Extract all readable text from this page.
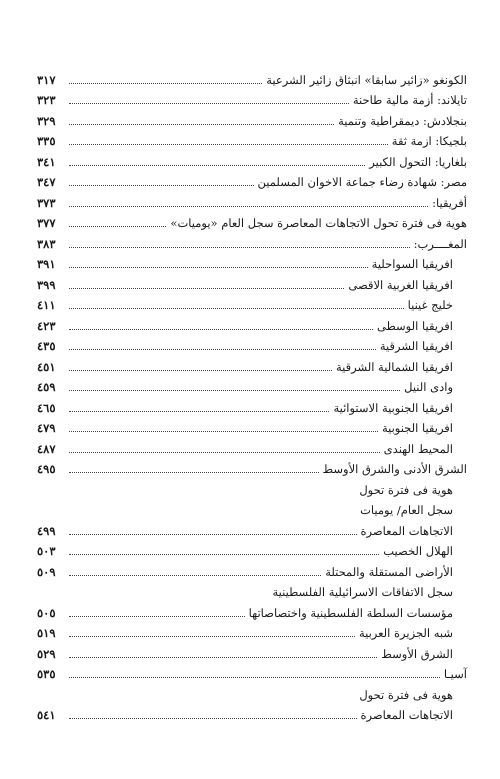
الكونغو «زائير سابقا» انبثاق زائير الشرعية
٣١٧
تايلاند: أزمة مالية طاحنة
٣٢٣
بنجلادش: ديمقراطية وتنمية
٣٢٩
بلجيكا: ازمة ثقة
٣٣٥
بلغاريا: التحول الكبير
٣٤١
مصر: شهادة رضاء جماعة الاخوان المسلمين
٣٤٧
أفريقيا:
٣٧٣
هوية فى فترة تحول الاتجاهات المعاصرة سجل العام «يوميات»
٣٧٧
المغــــرب:
٣٨٣
افريقيا السواحلية
٣٩١
افريقيا الغربية الاقصى
٣٩٩
خليج غينيا
٤١١
افريقيا الوسطى
٤٢٣
افريقيا الشرقية
٤٣٥
افريقيا الشمالية الشرقية
٤٥١
وادى النيل
٤٥٩
افريقيا الجنوبية الاستوائية
٤٦٥
افريقيا الجنوبية
٤٧٩
المحيط الهندى
٤٨٧
الشرق الأدنى والشرق الأوسط
٤٩٥
هوية فى فترة تحول
سجل العام/ يوميات
الاتجاهات المعاصرة
٤٩٩
الهلال الخصيب
٥٠٣
الأراضى المستقلة والمحتلة
٥٠٩
سجل الاتفاقات الاسرائيلية الفلسطينية
مؤسسات السلطة الفلسطينية واختصاصاتها
٥٠٥
شبه الجزيرة العربية
٥١٩
الشرق الأوسط
٥٢٩
آسيـا
٥٣٥
هوية فى فترة تحول
الاتجاهات المعاصرة
٥٤١
